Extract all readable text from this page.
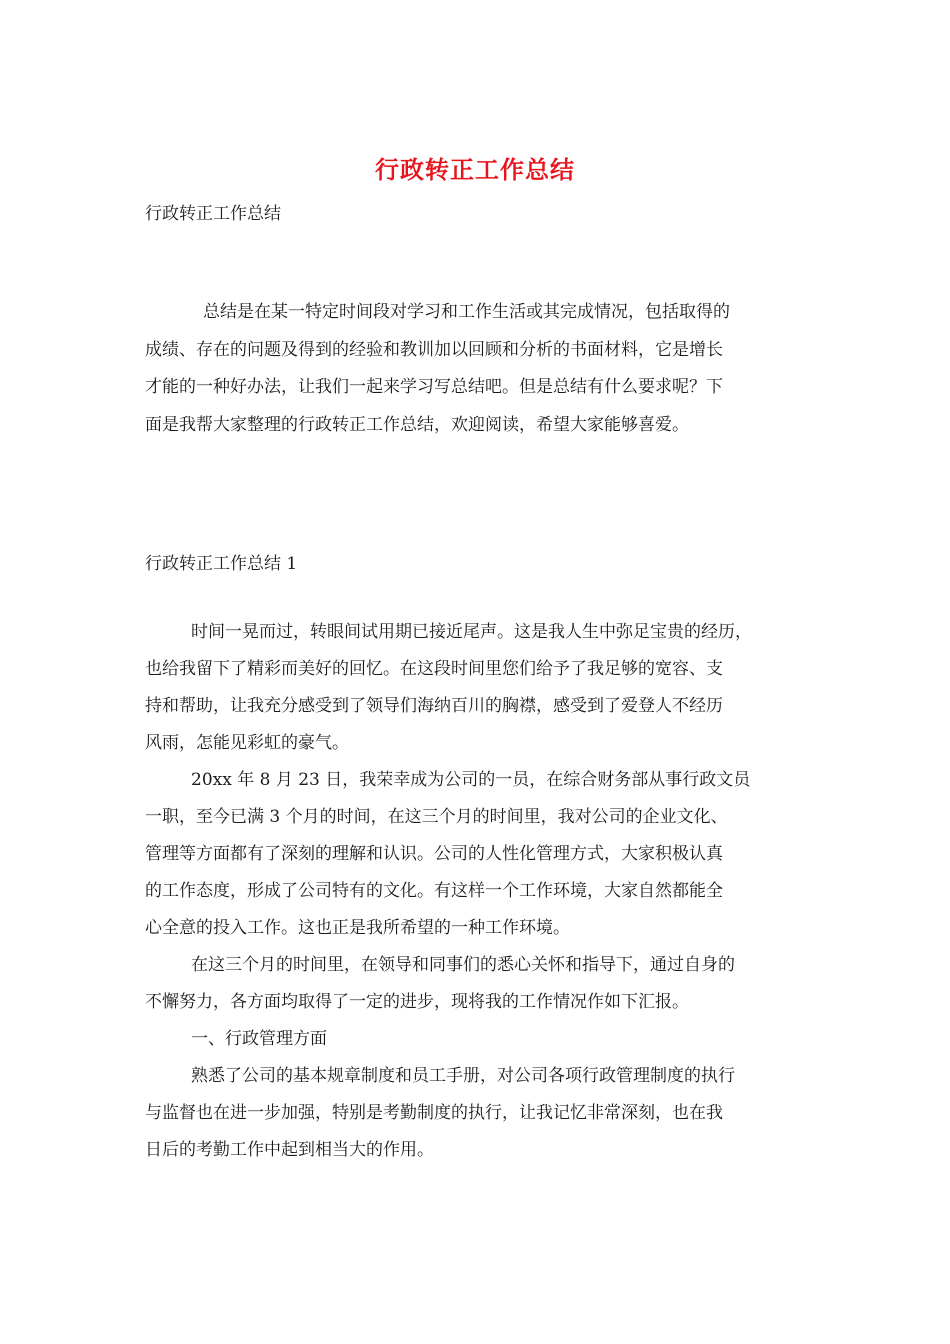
行政转正工作总结
行政转正工作总结
总结是在某一特定时间段对学习和工作生活或其完成情况，包括取得的
成绩、存在的问题及得到的经验和教训加以回顾和分析的书面材料，它是增长
才能的一种好办法，让我们一起来学习写总结吧。但是总结有什么要求呢？下
面是我帮大家整理的行政转正工作总结，欢迎阅读，希望大家能够喜爱。
行政转正工作总结 1
时间一晃而过，转眼间试用期已接近尾声。这是我人生中弥足宝贵的经历，
也给我留下了精彩而美好的回忆。在这段时间里您们给予了我足够的宽容、支
持和帮助，让我充分感受到了领导们海纳百川的胸襟，感受到了爱登人不经历
风雨，怎能见彩虹的豪气。
20xx 年 8 月 23 日，我荣幸成为公司的一员，在综合财务部从事行政文员
一职，至今已满 3 个月的时间，在这三个月的时间里，我对公司的企业文化、
管理等方面都有了深刻的理解和认识。公司的人性化管理方式，大家积极认真
的工作态度，形成了公司特有的文化。有这样一个工作环境，大家自然都能全
心全意的投入工作。这也正是我所希望的一种工作环境。
在这三个月的时间里，在领导和同事们的悉心关怀和指导下，通过自身的
不懈努力，各方面均取得了一定的进步，现将我的工作情况作如下汇报。
一、行政管理方面
熟悉了公司的基本规章制度和员工手册，对公司各项行政管理制度的执行
与监督也在进一步加强，特别是考勤制度的执行，让我记忆非常深刻，也在我
日后的考勤工作中起到相当大的作用。
